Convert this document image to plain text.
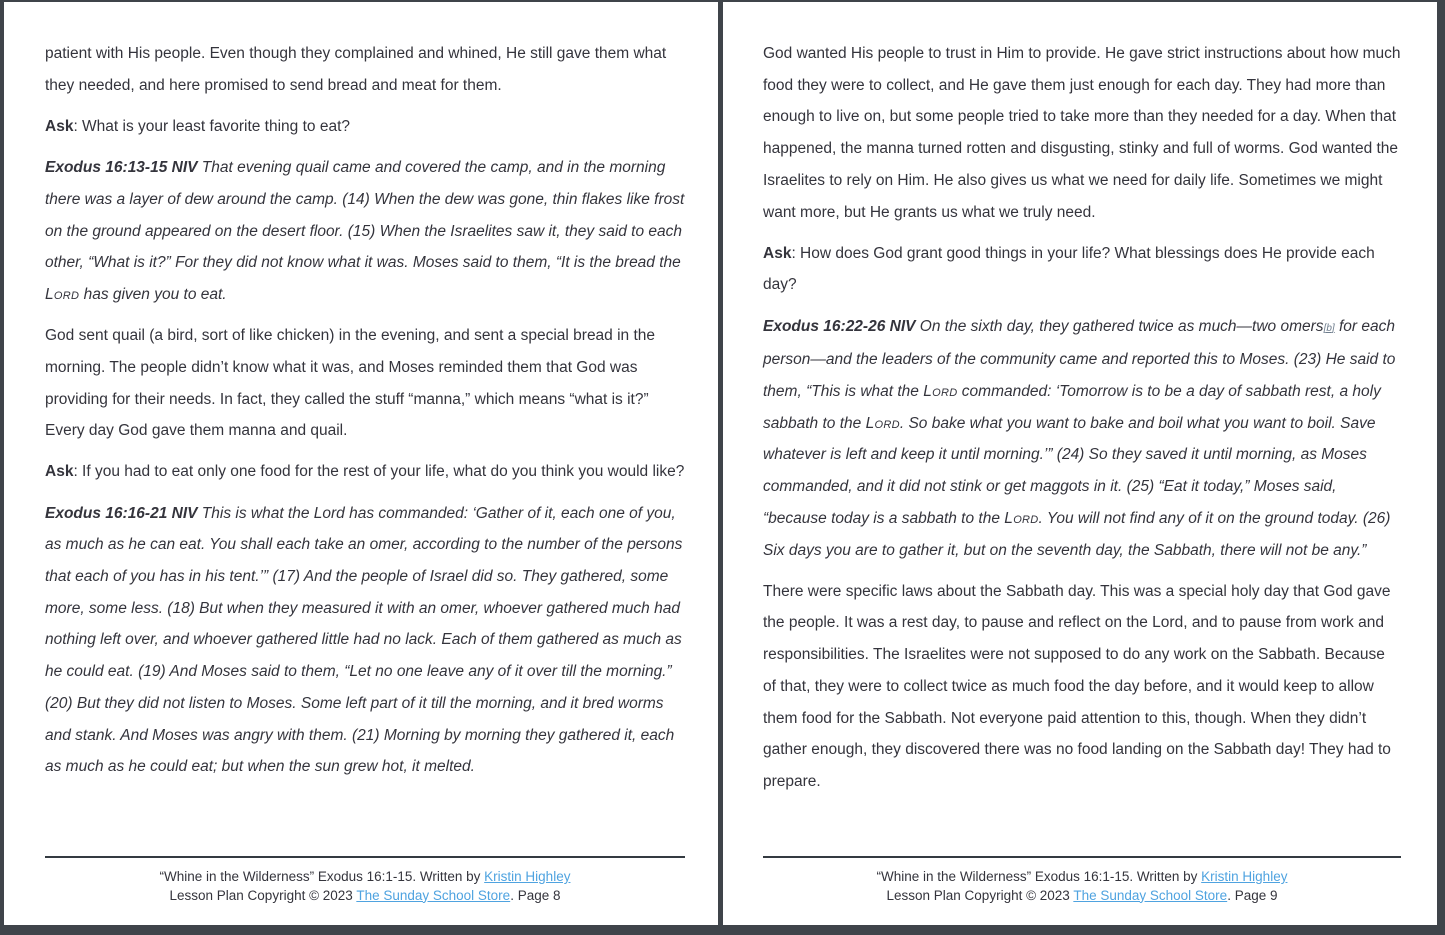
patient with His people. Even though they complained and whined, He still gave them what they needed, and here promised to send bread and meat for them.

Ask: What is your least favorite thing to eat?

Exodus 16:13-15 NIV That evening quail came and covered the camp, and in the morning there was a layer of dew around the camp. (14) When the dew was gone, thin flakes like frost on the ground appeared on the desert floor. (15) When the Israelites saw it, they said to each other, “What is it?” For they did not know what it was. Moses said to them, “It is the bread the Lord has given you to eat.

God sent quail (a bird, sort of like chicken) in the evening, and sent a special bread in the morning. The people didn’t know what it was, and Moses reminded them that God was providing for their needs. In fact, they called the stuff “manna,” which means “what is it?” Every day God gave them manna and quail.

Ask: If you had to eat only one food for the rest of your life, what do you think you would like?

Exodus 16:16-21 NIV This is what the Lord has commanded: ‘Gather of it, each one of you, as much as he can eat. You shall each take an omer, according to the number of the persons that each of you has in his tent.’” (17) And the people of Israel did so. They gathered, some more, some less. (18) But when they measured it with an omer, whoever gathered much had nothing left over, and whoever gathered little had no lack. Each of them gathered as much as he could eat. (19) And Moses said to them, “Let no one leave any of it over till the morning.” (20) But they did not listen to Moses. Some left part of it till the morning, and it bred worms and stank. And Moses was angry with them. (21) Morning by morning they gathered it, each as much as he could eat; but when the sun grew hot, it melted.

“Whine in the Wilderness” Exodus 16:1-15. Written by Kristin Highley
Lesson Plan Copyright © 2023 The Sunday School Store. Page 8

God wanted His people to trust in Him to provide. He gave strict instructions about how much food they were to collect, and He gave them just enough for each day. They had more than enough to live on, but some people tried to take more than they needed for a day. When that happened, the manna turned rotten and disgusting, stinky and full of worms. God wanted the Israelites to rely on Him. He also gives us what we need for daily life. Sometimes we might want more, but He grants us what we truly need.

Ask: How does God grant good things in your life? What blessings does He provide each day?

Exodus 16:22-26 NIV On the sixth day, they gathered twice as much—two omers[b] for each person—and the leaders of the community came and reported this to Moses. (23) He said to them, “This is what the Lord commanded: ‘Tomorrow is to be a day of sabbath rest, a holy sabbath to the Lord. So bake what you want to bake and boil what you want to boil. Save whatever is left and keep it until morning.’” (24) So they saved it until morning, as Moses commanded, and it did not stink or get maggots in it. (25) “Eat it today,” Moses said, “because today is a sabbath to the Lord. You will not find any of it on the ground today. (26) Six days you are to gather it, but on the seventh day, the Sabbath, there will not be any.”

There were specific laws about the Sabbath day. This was a special holy day that God gave the people. It was a rest day, to pause and reflect on the Lord, and to pause from work and responsibilities. The Israelites were not supposed to do any work on the Sabbath. Because of that, they were to collect twice as much food the day before, and it would keep to allow them food for the Sabbath. Not everyone paid attention to this, though. When they didn’t gather enough, they discovered there was no food landing on the Sabbath day! They had to prepare.

“Whine in the Wilderness” Exodus 16:1-15. Written by Kristin Highley
Lesson Plan Copyright © 2023 The Sunday School Store. Page 9
